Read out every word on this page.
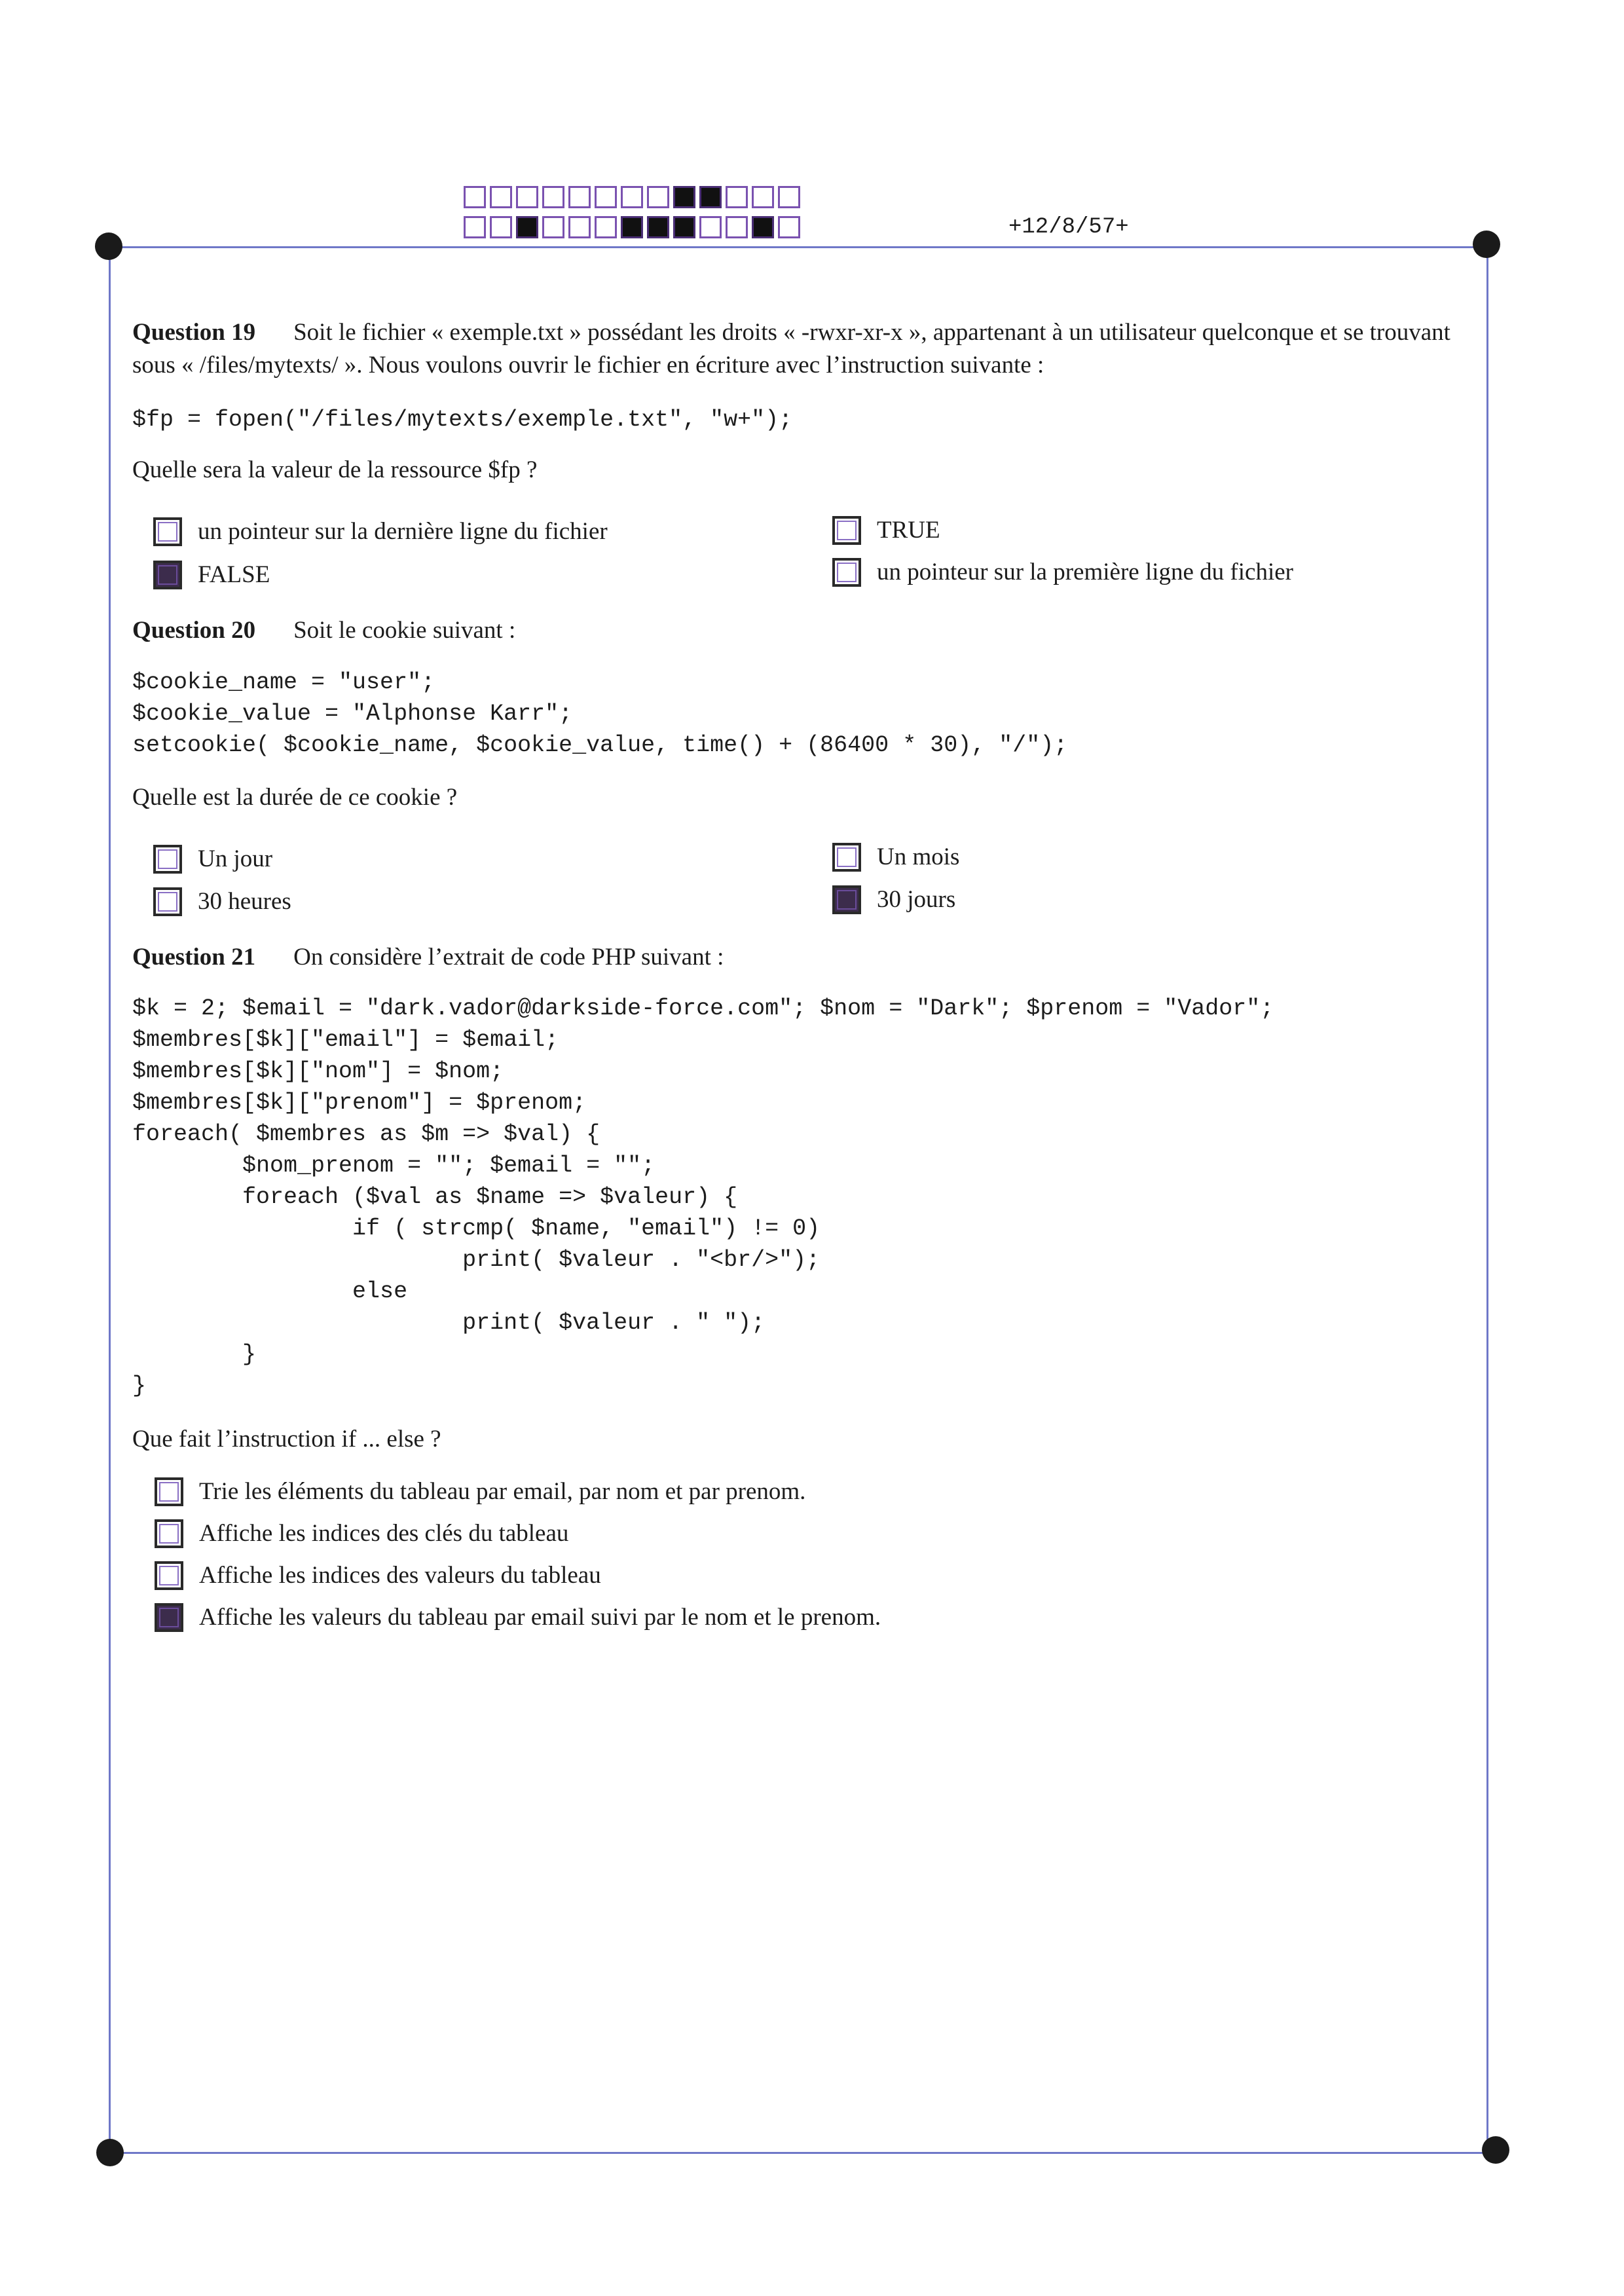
+12/8/57+
Question 19 Soit le fichier « exemple.txt » possédant les droits « -rwxr-xr-x », appartenant à un utilisateur quelconque et se trouvant sous « /files/mytexts/ ». Nous voulons ouvrir le fichier en écriture avec l’instruction suivante :
$fp = fopen("/files/mytexts/exemple.txt", "w+");
Quelle sera la valeur de la ressource $fp ?
un pointeur sur la dernière ligne du fichier	TRUE
FALSE	un pointeur sur la première ligne du fichier
Question 20 Soit le cookie suivant :
$cookie_name = "user";
$cookie_value = "Alphonse Karr";
setcookie( $cookie_name, $cookie_value, time() + (86400 * 30), "/");
Quelle est la durée de ce cookie ?
Un jour	Un mois
30 heures	30 jours
Question 21 On considère l’extrait de code PHP suivant :
$k = 2; $email = "dark.vador@darkside-force.com"; $nom = "Dark"; $prenom = "Vador";
$membres[$k]["email"] = $email;
$membres[$k]["nom"] = $nom;
$membres[$k]["prenom"] = $prenom;
foreach( $membres as $m => $val) {
$nom_prenom = ""; $email = "";
foreach ($val as $name => $valeur) {
if ( strcmp( $name, "email") != 0)
print( $valeur . "<br/>");
else
print( $valeur . " ");
}
}
Que fait l’instruction if ... else ?
Trie les éléments du tableau par email, par nom et par prenom.
Affiche les indices des clés du tableau
Affiche les indices des valeurs du tableau
Affiche les valeurs du tableau par email suivi par le nom et le prenom.
